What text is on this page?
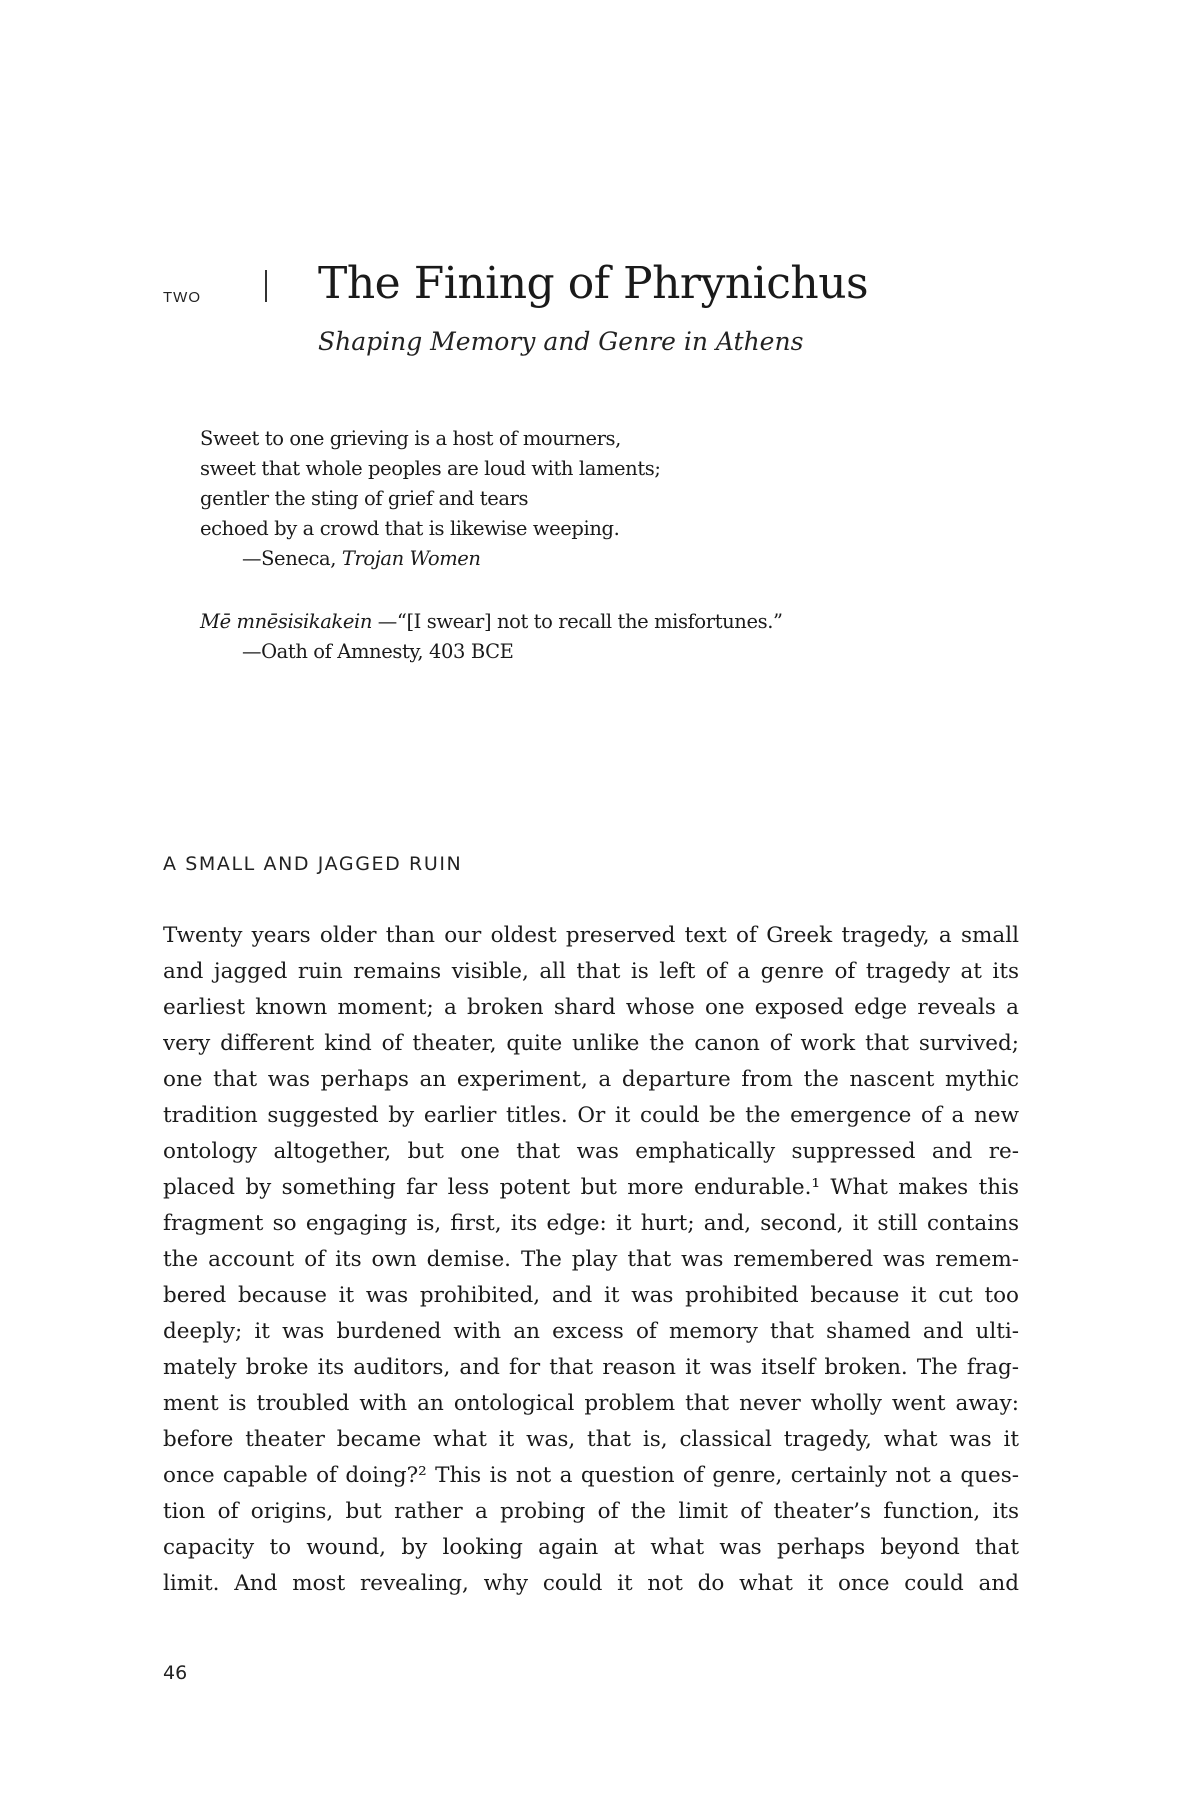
two	The Fining of Phrynichus
Shaping Memory and Genre in Athens
Sweet to one grieving is a host of mourners,
sweet that whole peoples are loud with laments;
gentler the sting of grief and tears
echoed by a crowd that is likewise weeping.
—Seneca, Trojan Women
Mē mnēsisikakein —“[I swear] not to recall the misfortunes.”
—Oath of Amnesty, 403 BCE
A SMALL AND JAGGED RUIN
Twenty years older than our oldest preserved text of Greek tragedy, a small
and jagged ruin remains visible, all that is left of a genre of tragedy at its
earliest known moment; a broken shard whose one exposed edge reveals a
very different kind of theater, quite unlike the canon of work that survived;
one that was perhaps an experiment, a departure from the nascent mythic
tradition suggested by earlier titles. Or it could be the emergence of a new
ontology altogether, but one that was emphatically suppressed and re-
placed by something far less potent but more endurable.¹ What makes this
fragment so engaging is, first, its edge: it hurt; and, second, it still contains
the account of its own demise. The play that was remembered was remem-
bered because it was prohibited, and it was prohibited because it cut too
deeply; it was burdened with an excess of memory that shamed and ulti-
mately broke its auditors, and for that reason it was itself broken. The frag-
ment is troubled with an ontological problem that never wholly went away:
before theater became what it was, that is, classical tragedy, what was it
once capable of doing?² This is not a question of genre, certainly not a ques-
tion of origins, but rather a probing of the limit of theater’s function, its
capacity to wound, by looking again at what was perhaps beyond that
limit. And most revealing, why could it not do what it once could and
46
